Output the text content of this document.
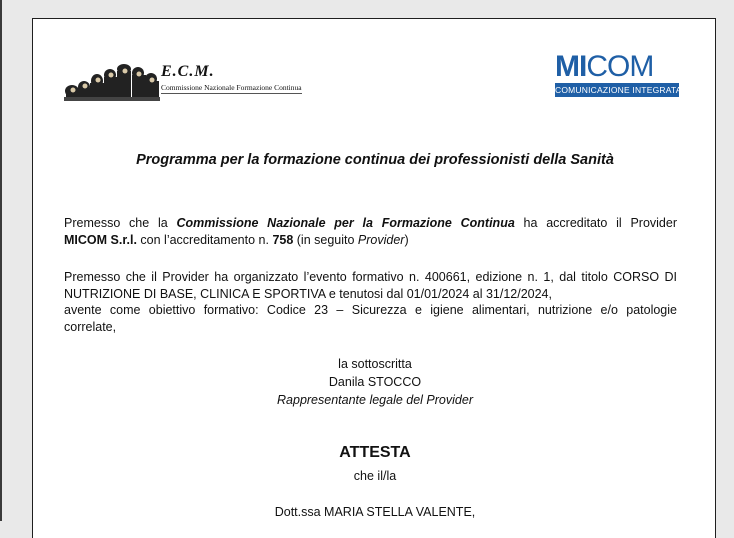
E.C.M.
Commissione Nazionale Formazione Continua
MICOM
COMUNICAZIONE INTEGRATA
Programma per la formazione continua dei professionisti della Sanità
Premesso che la Commissione Nazionale per la Formazione Continua ha accreditato il Provider
MICOM S.r.l. con l’accreditamento n. 758 (in seguito Provider)
Premesso che il Provider ha organizzato l’evento formativo n. 400661, edizione n. 1, dal titolo CORSO DI
NUTRIZIONE DI BASE, CLINICA E SPORTIVA e tenutosi dal 01/01/2024 al 31/12/2024,
avente come obiettivo formativo: Codice 23 – Sicurezza e igiene alimentari, nutrizione e/o patologie
correlate,
la sottoscritta
Danila STOCCO
Rappresentante legale del Provider
ATTESTA
che il/la
Dott.ssa MARIA STELLA VALENTE,
